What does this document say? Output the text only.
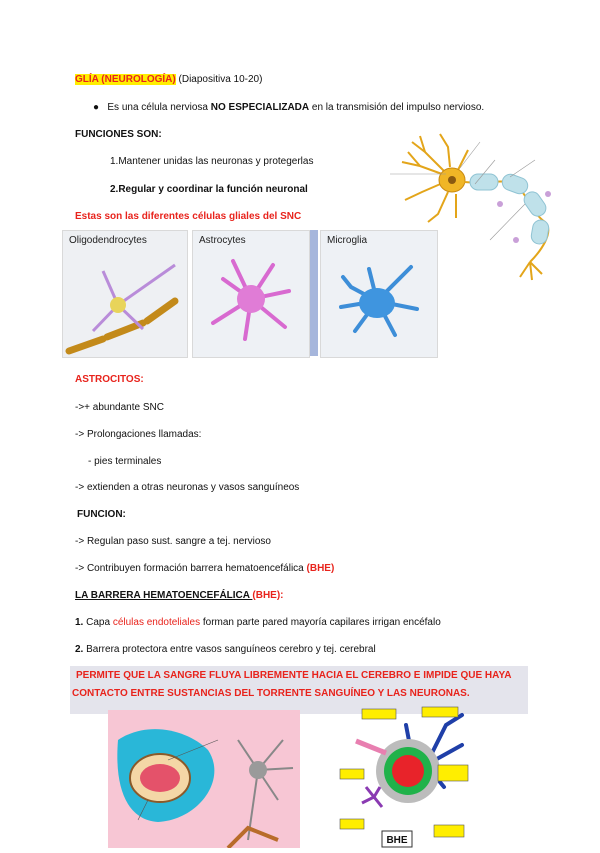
GLÍA (NEUROLOGÍA) (Diapositiva 10-20)
●   Es una célula nerviosa NO ESPECIALIZADA en la transmisión del impulso nervioso.
FUNCIONES SON:
1.Mantener unidas las neuronas y protegerlas
2.Regular y coordinar la función neuronal
Estas son las diferentes células gliales del SNC
Oligodendrocytes	Astrocytes	Microglia
ASTROCITOS:
->+ abundante SNC
-> Prolongaciones llamadas:
- pies terminales
-> extienden a otras neuronas y vasos sanguíneos
FUNCION:
-> Regulan paso sust. sangre a tej. nervioso
-> Contribuyen formación barrera hematoencefálica (BHE)
LA BARRERA HEMATOENCEFÁLICA (BHE):
1. Capa células endoteliales forman parte pared mayoría capilares irrigan encéfalo
2. Barrera protectora entre vasos sanguíneos cerebro y tej. cerebral
PERMITE QUE LA SANGRE FLUYA LIBREMENTE HACIA EL CEREBRO E IMPIDE QUE HAYA
CONTACTO ENTRE SUSTANCIAS DEL TORRENTE SANGUÍNEO Y LAS NEURONAS.
BHE
